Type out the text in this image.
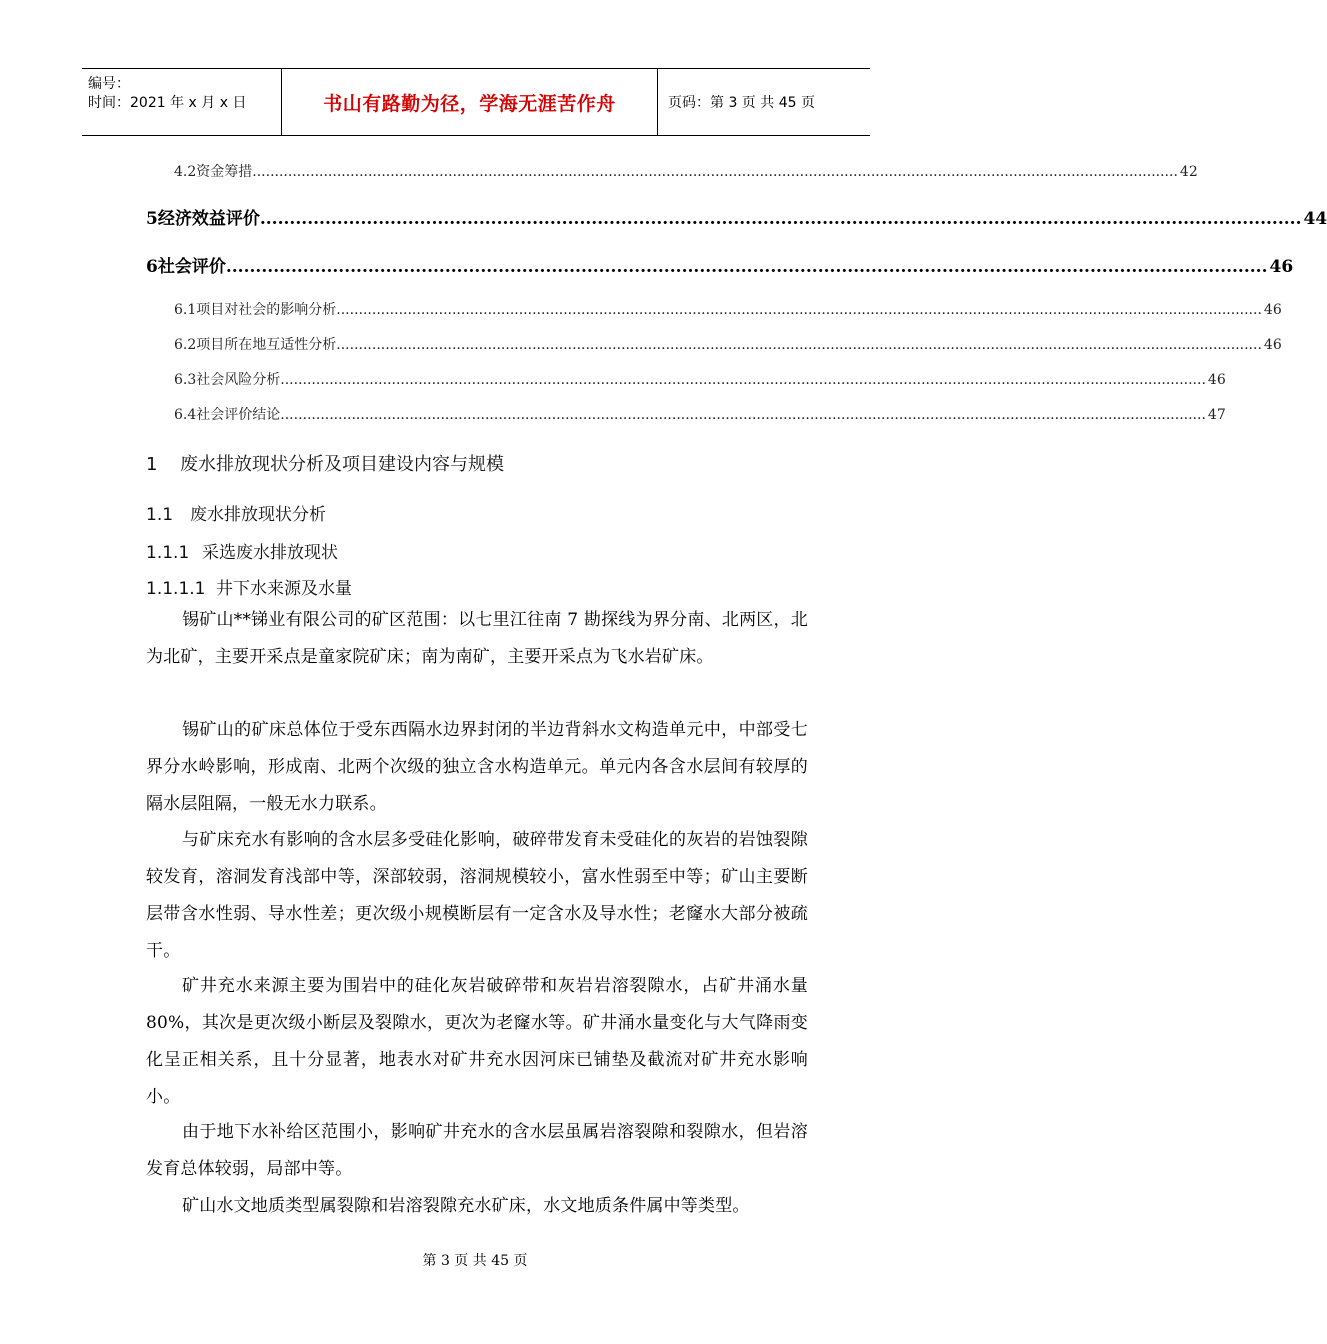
编号：
时间：2021 年 x 月 x 日	书山有路勤为径，学海无涯苦作舟	页码：第 3 页 共 45 页
4.2 资金筹措 ................................................................................................................................................................................................................ 42
5 经济效益评价 ................................................................................................................................................................................ 44
6 社会评价 ................................................................................................................................................................................ 46
6.1 项目对社会的影响分析 ................................................................................................................................................................................................................ 46
6.2 项目所在地互适性分析 ................................................................................................................................................................................................................ 46
6.3 社会风险分析 ................................................................................................................................................................................................................ 46
6.4 社会评价结论 ................................................................................................................................................................................................................ 47
1 废水排放现状分析及项目建设内容与规模
1.1 废水排放现状分析
1.1.1 采选废水排放现状
1.1.1.1 井下水来源及水量

锡矿山**锑业有限公司的矿区范围：以七里江往南 7 勘探线为界分南、北两区，北为北矿，主要开采点是童家院矿床；南为南矿，主要开采点为飞水岩矿床。

锡矿山的矿床总体位于受东西隔水边界封闭的半边背斜水文构造单元中，中部受七界分水岭影响，形成南、北两个次级的独立含水构造单元。单元内各含水层间有较厚的隔水层阻隔，一般无水力联系。

与矿床充水有影响的含水层多受硅化影响，破碎带发育未受硅化的灰岩的岩蚀裂隙较发育，溶洞发育浅部中等，深部较弱，溶洞规模较小，富水性弱至中等；矿山主要断层带含水性弱、导水性差；更次级小规模断层有一定含水及导水性；老窿水大部分被疏干。

矿井充水来源主要为围岩中的硅化灰岩破碎带和灰岩岩溶裂隙水，占矿井涌水量 80%，其次是更次级小断层及裂隙水，更次为老窿水等。矿井涌水量变化与大气降雨变化呈正相关系，且十分显著，地表水对矿井充水因河床已铺垫及截流对矿井充水影响小。

由于地下水补给区范围小，影响矿井充水的含水层虽属岩溶裂隙和裂隙水，但岩溶发育总体较弱，局部中等。

矿山水文地质类型属裂隙和岩溶裂隙充水矿床，水文地质条件属中等类型。

第 3 页 共 45 页
